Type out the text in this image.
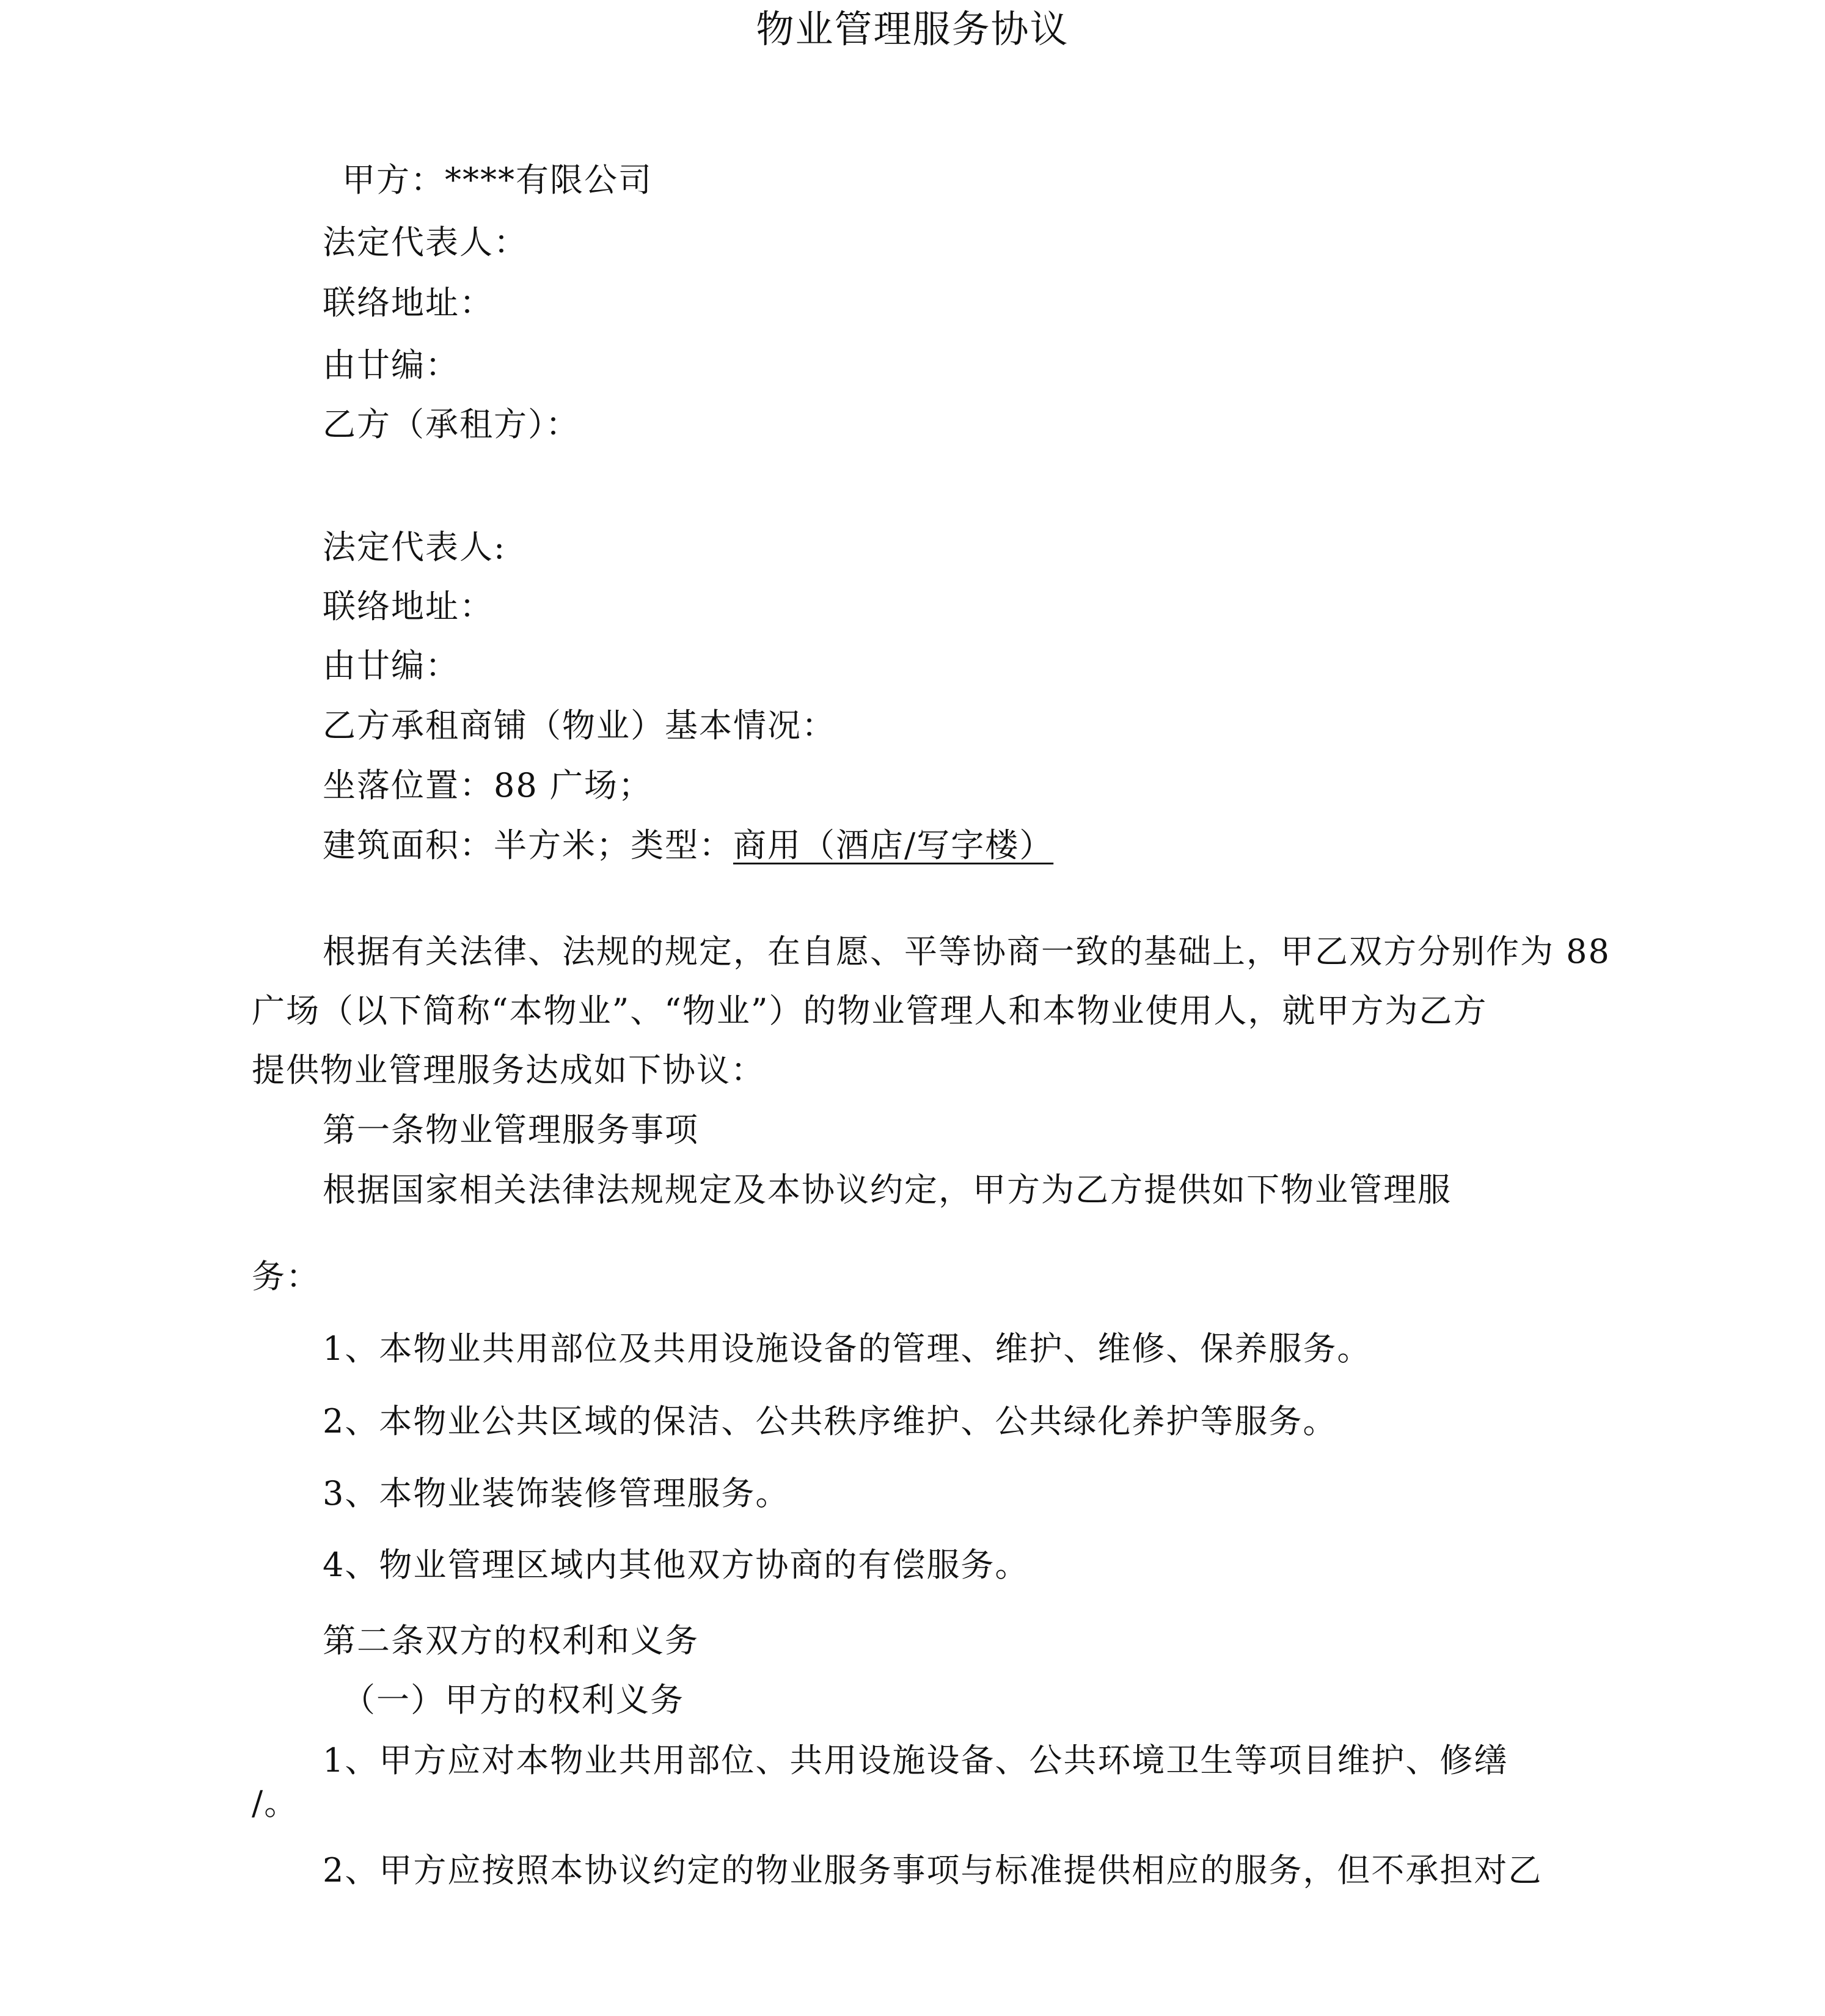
物业管理服务协议
甲方：****有限公司
法定代表人：
联络地址：
由廿编：
乙方（承租方）：
法定代表人:
联络地址：
由廿编：
乙方承租商铺（物业）基本情况：
坐落位置：88 广场；
建筑面积：半方米；类型：商用（酒店/写字楼）
根据有关法律、法规的规定，在自愿、平等协商一致的基础上，甲乙双方分别作为 88
广场（以下简称“本物业”、“物业”）的物业管理人和本物业使用人，就甲方为乙方
提供物业管理服务达成如下协议：
第一条物业管理服务事项
根据国家相关法律法规规定及本协议约定，甲方为乙方提供如下物业管理服
务：
1、本物业共用部位及共用设施设备的管理、维护、维修、保养服务。
2、本物业公共区域的保洁、公共秩序维护、公共绿化养护等服务。
3、本物业装饰装修管理服务。
4、物业管理区域内其他双方协商的有偿服务。
第二条双方的权利和义务
（一）甲方的权利义务
1、甲方应对本物业共用部位、共用设施设备、公共环境卫生等项目维护、修缮
/。
2、甲方应按照本协议约定的物业服务事项与标准提供相应的服务，但不承担对乙
